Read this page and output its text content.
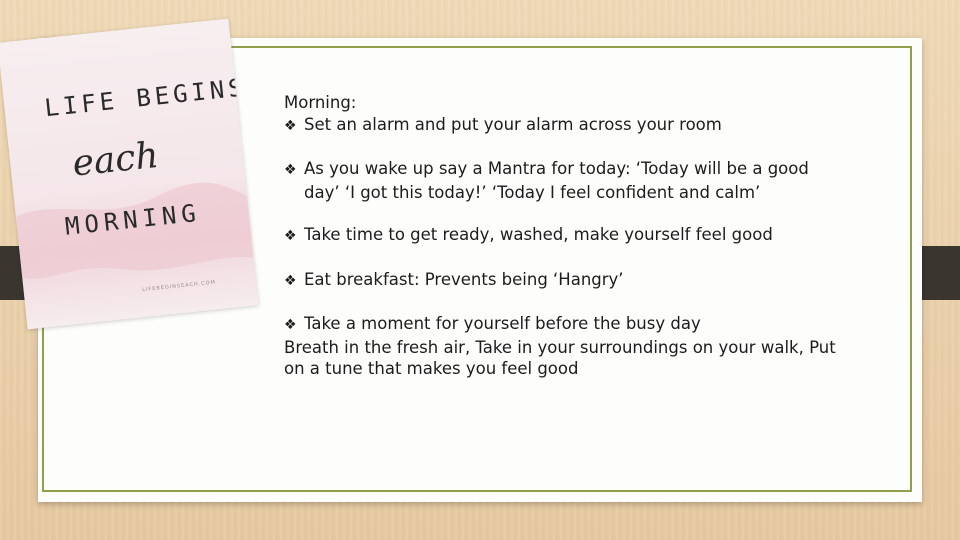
LIFE BEGINS
each
MORNING
LIFEBEGINSEACH.COM
Morning:
❖ Set an alarm and put your alarm across your room
❖ As you wake up say a Mantra for today: ‘Today will be a good
day’ ‘I got this today!’ ‘Today I feel confident and calm’
❖ Take time to get ready, washed, make yourself feel good
❖ Eat breakfast: Prevents being ‘Hangry’
❖ Take a moment for yourself before the busy day
Breath in the fresh air, Take in your surroundings on your walk, Put
on a tune that makes you feel good
